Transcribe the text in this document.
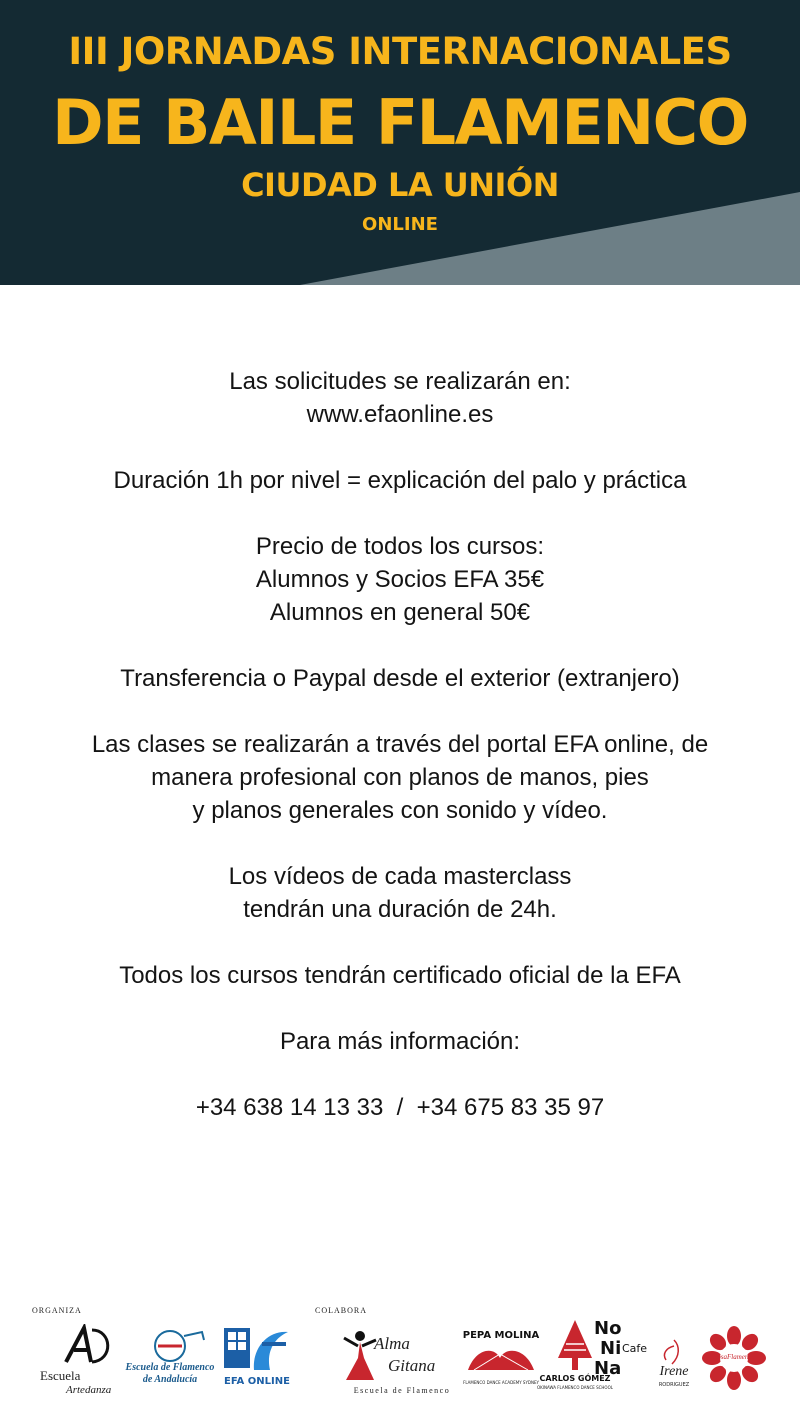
III JORNADAS INTERNACIONALES
DE BAILE FLAMENCO
CIUDAD LA UNIÓN
ONLINE

Las solicitudes se realizarán en:
www.efaonline.es

Duración 1h por nivel = explicación del palo y práctica

Precio de todos los cursos:
Alumnos y Socios EFA 35€
Alumnos en general 50€

Transferencia o Paypal desde el exterior (extranjero)

Las clases se realizarán a través del portal EFA online, de
manera profesional con planos de manos, pies
y planos generales con sonido y vídeo.

Los vídeos de cada masterclass
tendrán una duración de 24h.

Todos los cursos tendrán certificado oficial de la EFA

Para más información:

+34 638 14 13 33  /  +34 675 83 35 97

ORGANIZA	COLABORA
Escuela
Artedanza
Escuela de Flamenco
de Andalucía	EFA ONLINE
Alma
Gitana
Escuela de Flamenco
PEPA MOLINA
FLAMENCO DANCE ACADEMY SYDNEY CARLOS GÓMEZ
OKINAWA FLAMENCO DANCE SCHOOL
No
Ni
Na
Cafe
Irene
RODRIGUEZ
RosaFlamenca
